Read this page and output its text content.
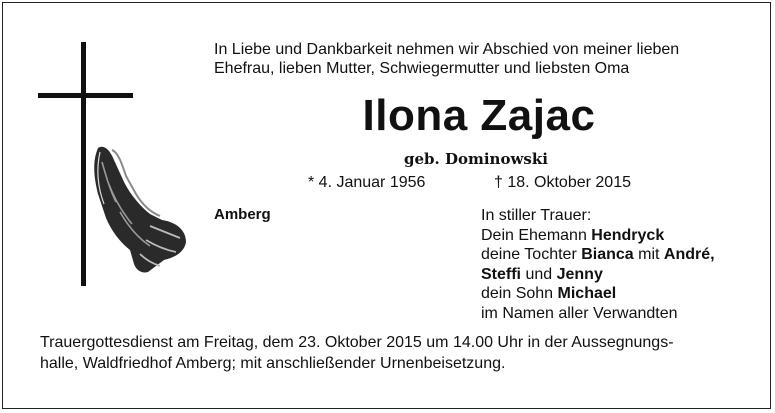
In Liebe und Dankbarkeit nehmen wir Abschied von meiner lieben
Ehefrau, lieben Mutter, Schwiegermutter und liebsten Oma
Ilona Zajac
geb. Dominowski
* 4. Januar 1956	† 18. Oktober 2015
Amberg	In stiller Trauer:
Dein Ehemann Hendryck
deine Tochter Bianca mit André,
Steffi und Jenny
dein Sohn Michael
im Namen aller Verwandten
Trauergottesdienst am Freitag, dem 23. Oktober 2015 um 14.00 Uhr in der Aussegnungs-
halle, Waldfriedhof Amberg; mit anschließender Urnenbeisetzung.
